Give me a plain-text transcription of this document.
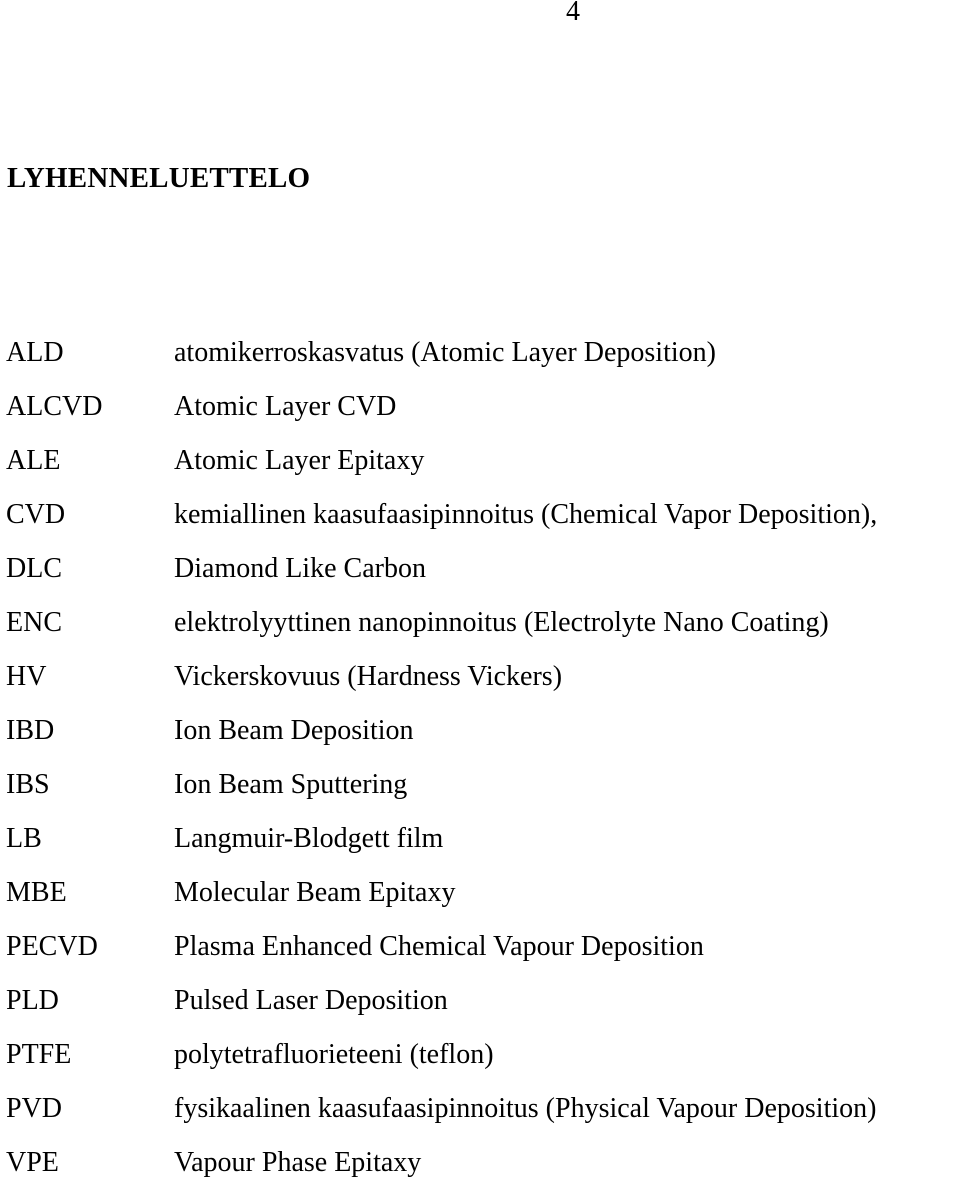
4
LYHENNELUETTELO
ALD	atomikerroskasvatus (Atomic Layer Deposition)
ALCVD	Atomic Layer CVD
ALE	Atomic Layer Epitaxy
CVD	kemiallinen kaasufaasipinnoitus (Chemical Vapor Deposition),
DLC	Diamond Like Carbon
ENC	elektrolyyttinen nanopinnoitus (Electrolyte Nano Coating)
HV	Vickerskovuus (Hardness Vickers)
IBD	Ion Beam Deposition
IBS	Ion Beam Sputtering
LB	Langmuir-Blodgett film
MBE	Molecular Beam Epitaxy
PECVD	Plasma Enhanced Chemical Vapour Deposition
PLD	Pulsed Laser Deposition
PTFE	polytetrafluorieteeni (teflon)
PVD	fysikaalinen kaasufaasipinnoitus (Physical Vapour Deposition)
VPE	Vapour Phase Epitaxy
